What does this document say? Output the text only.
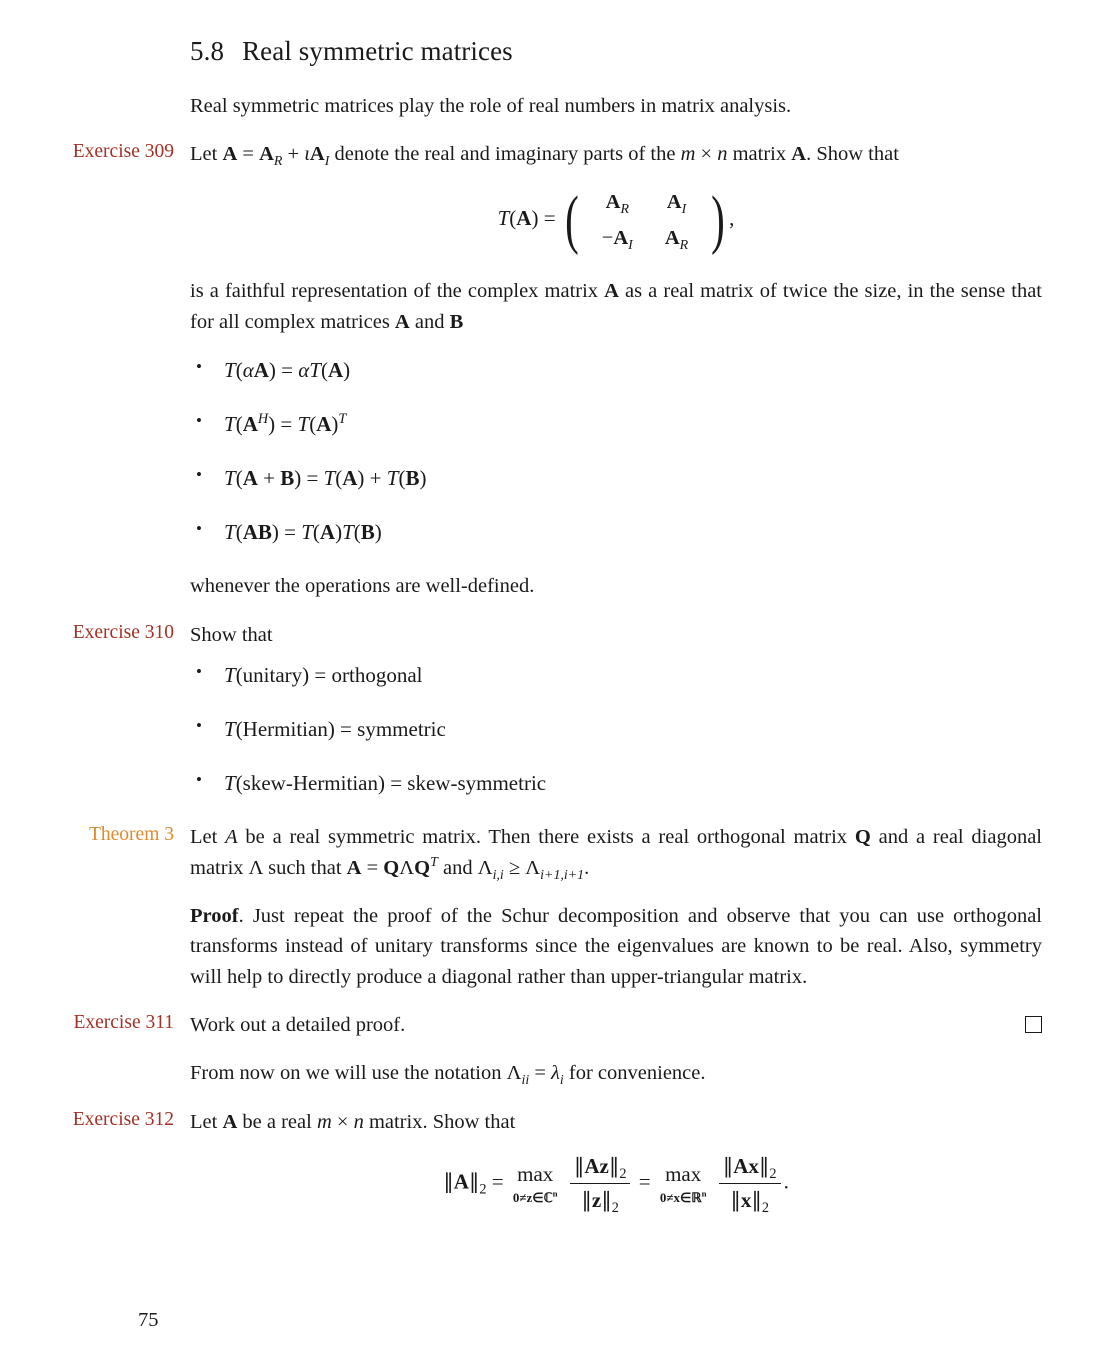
5.8 Real symmetric matrices

Real symmetric matrices play the role of real numbers in matrix analysis.

Exercise 309 Let $A = A_R + \iota A_I$ denote the real and imaginary parts of the m × n matrix A. Show that

T(A) = ( $A_R$	$A_I$
$-A_I$	$A_R$ ) ,

is a faithful representation of the complex matrix A as a real matrix of twice the size, in the sense that for all complex matrices A and B

• T(αA) = αT(A)
• $T(A^H) = T(A)^T$
• T(A + B) = T(A) + T(B)
• T(AB) = T(A)T(B)

whenever the operations are well-defined.

Exercise 310 Show that

• T(unitary) = orthogonal
• T(Hermitian) = symmetric
• T(skew-Hermitian) = skew-symmetric
Theorem 3 Let A be a real symmetric matrix. Then there exists a real orthogonal matrix Q and a real diagonal matrix Λ such that $A = Q\Lambda Q^T$ and $\Lambda_{i,i} \ge \Lambda_{i+1,i+1}$.

Proof. Just repeat the proof of the Schur decomposition and observe that you can use orthogonal transforms instead of unitary transforms since the eigenvalues are known to be real. Also, symmetry will help to directly produce a diagonal rather than upper-triangular matrix.

Exercise 311 Work out a detailed proof.

From now on we will use the notation $\Lambda_{ii} = \lambda_i$ for convenience.

Exercise 312 Let A be a real m × n matrix. Show that

$\parallel A\parallel_2 = \max$
0≠z∈ℂ$^n$
$\frac{\parallel Az\parallel_2}{\parallel z\parallel_2} = \max$
0≠x∈ℝ$^n$
$\frac{\parallel Ax\parallel_2}{\parallel x\parallel_2}$ .
75
